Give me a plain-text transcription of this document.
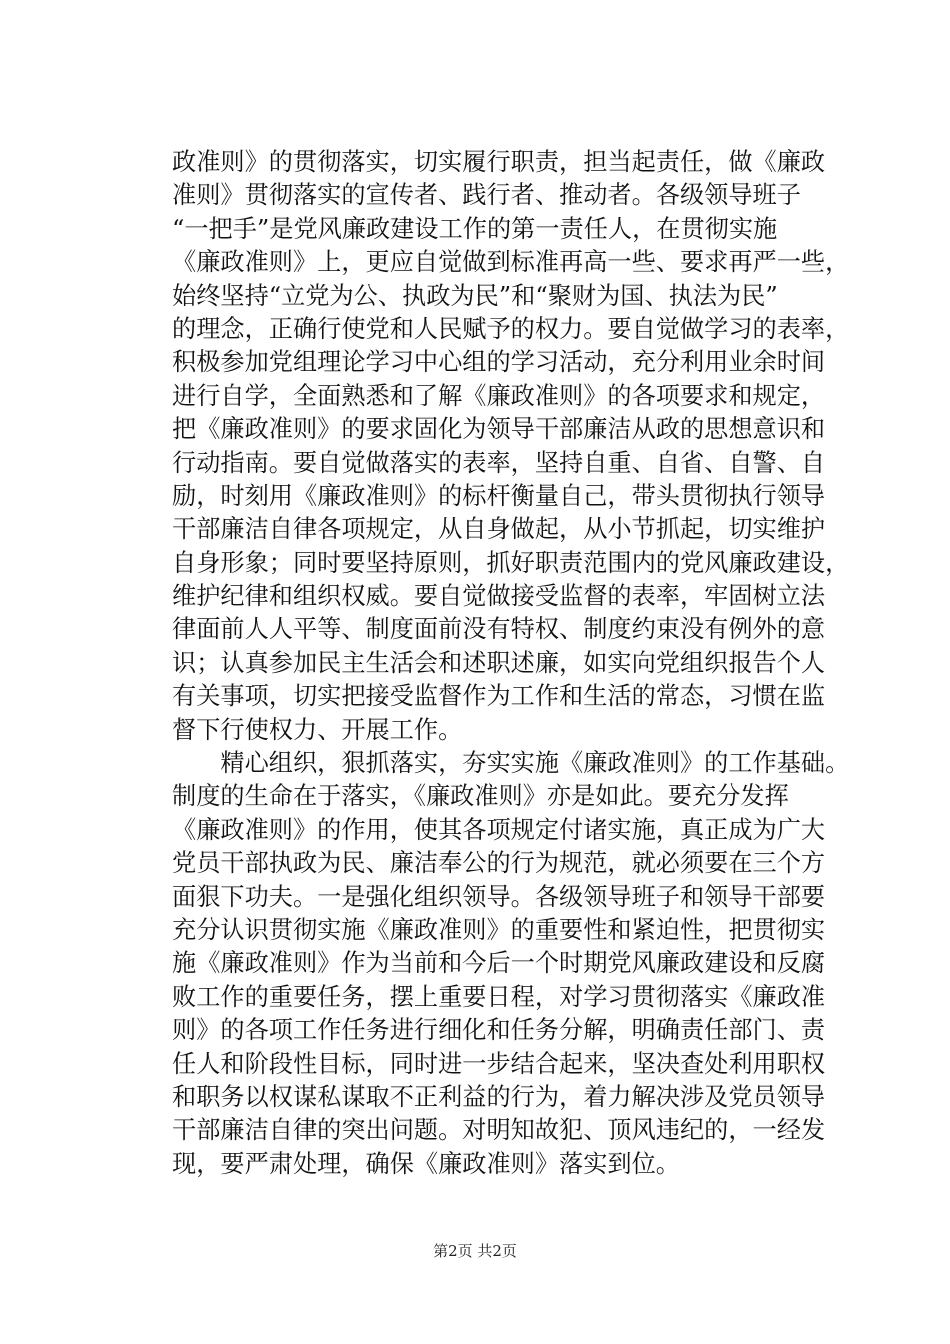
政准则》的贯彻落实，切实履行职责，担当起责任，做《廉政
准则》贯彻落实的宣传者、践行者、推动者。各级领导班子
“一把手”是党风廉政建设工作的第一责任人，在贯彻实施
《廉政准则》上，更应自觉做到标准再高一些、要求再严一些，
始终坚持“立党为公、执政为民”和“聚财为国、执法为民”
的理念，正确行使党和人民赋予的权力。要自觉做学习的表率，
积极参加党组理论学习中心组的学习活动，充分利用业余时间
进行自学，全面熟悉和了解《廉政准则》的各项要求和规定，
把《廉政准则》的要求固化为领导干部廉洁从政的思想意识和
行动指南。要自觉做落实的表率，坚持自重、自省、自警、自
励，时刻用《廉政准则》的标杆衡量自己，带头贯彻执行领导
干部廉洁自律各项规定，从自身做起，从小节抓起，切实维护
自身形象；同时要坚持原则，抓好职责范围内的党风廉政建设，
维护纪律和组织权威。要自觉做接受监督的表率，牢固树立法
律面前人人平等、制度面前没有特权、制度约束没有例外的意
识；认真参加民主生活会和述职述廉，如实向党组织报告个人
有关事项，切实把接受监督作为工作和生活的常态，习惯在监
督下行使权力、开展工作。
　　精心组织，狠抓落实，夯实实施《廉政准则》的工作基础。
制度的生命在于落实，《廉政准则》亦是如此。要充分发挥
《廉政准则》的作用，使其各项规定付诸实施，真正成为广大
党员干部执政为民、廉洁奉公的行为规范，就必须要在三个方
面狠下功夫。一是强化组织领导。各级领导班子和领导干部要
充分认识贯彻实施《廉政准则》的重要性和紧迫性，把贯彻实
施《廉政准则》作为当前和今后一个时期党风廉政建设和反腐
败工作的重要任务，摆上重要日程，对学习贯彻落实《廉政准
则》的各项工作任务进行细化和任务分解，明确责任部门、责
任人和阶段性目标，同时进一步结合起来，坚决查处利用职权
和职务以权谋私谋取不正利益的行为，着力解决涉及党员领导
干部廉洁自律的突出问题。对明知故犯、顶风违纪的，一经发
现，要严肃处理，确保《廉政准则》落实到位。
第2页 共2页
